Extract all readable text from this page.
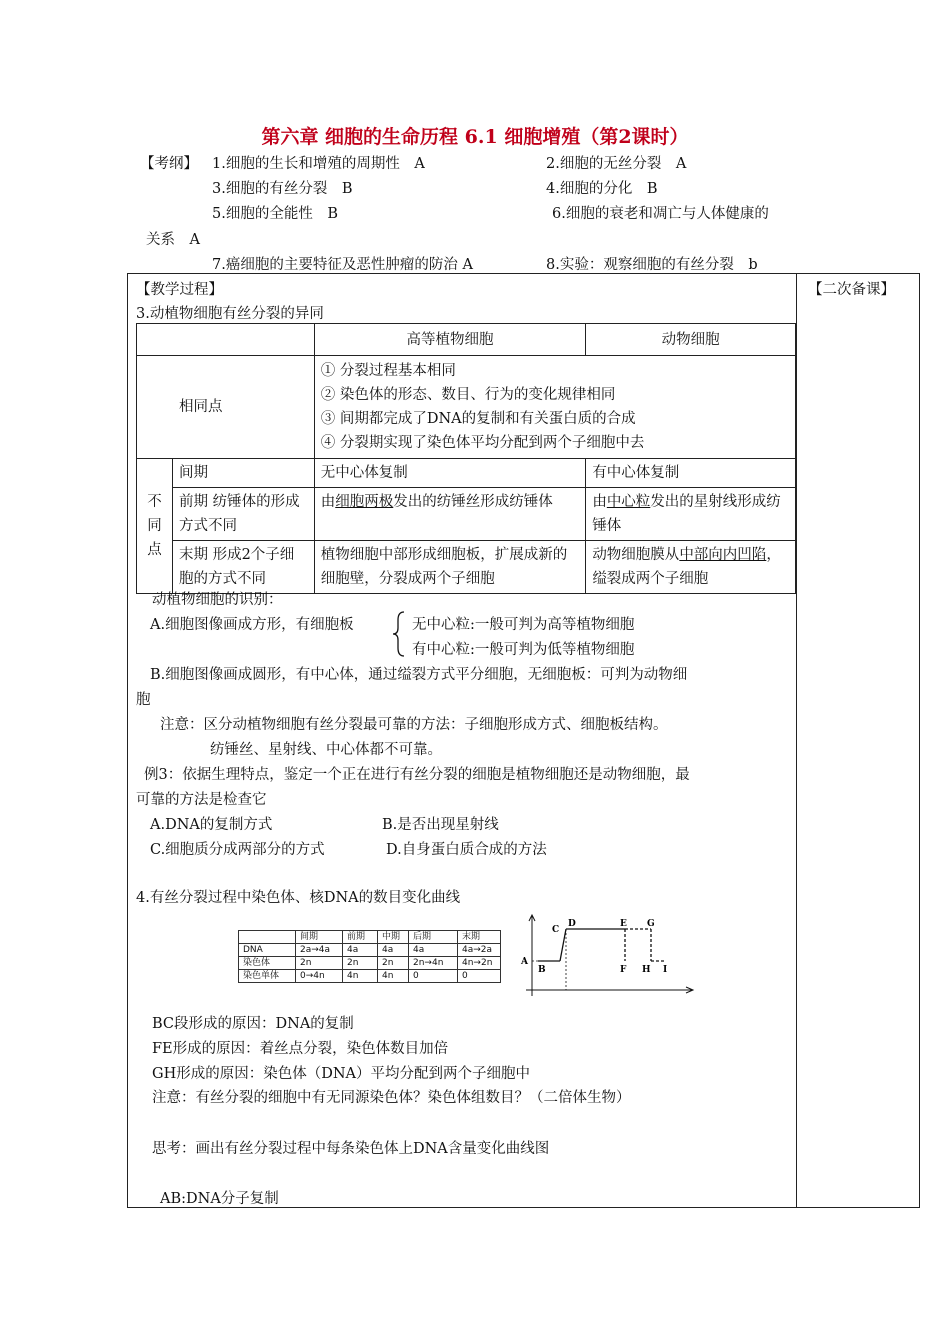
第六章 细胞的生命历程 6.1 细胞增殖（第2课时）
【考纲】 1.细胞的生长和增殖的周期性　A	2.细胞的无丝分裂　A
3.细胞的有丝分裂　B	4.细胞的分化　B
5.细胞的全能性　B	6.细胞的衰老和凋亡与人体健康的
关系　A
7.癌细胞的主要特征及恶性肿瘤的防治 A	8.实验：观察细胞的有丝分裂　b
【教学过程】	【二次备课】
3.动植物细胞有丝分裂的异同
		高等植物细胞	动物细胞
相同点		① 分裂过程基本相同
② 染色体的形态、数目、行为的变化规律相同
③ 间期都完成了DNA的复制和有关蛋白质的合成
④ 分裂期实现了染色体平均分配到两个子细胞中去	

不
同
点	间期	无中心体复制	有中心体复制
	前期 纺锤体的形成方式不同	由细胞两极发出的纺锤丝形成纺锤体	由中心粒发出的星射线形成纺锤体
	末期 形成2个子细胞的方式不同	植物细胞中部形成细胞板，扩展成新的细胞壁，分裂成两个子细胞	动物细胞膜从中部向内凹陷，缢裂成两个子细胞
动植物细胞的识别：
A.细胞图像画成方形，有细胞板	无中心粒:一般可判为高等植物细胞
有中心粒:一般可判为低等植物细胞
B.细胞图像画成圆形，有中心体，通过缢裂方式平分细胞，无细胞板：可判为动物细
胞
注意：区分动植物细胞有丝分裂最可靠的方法：子细胞形成方式、细胞板结构。
纺锤丝、星射线、中心体都不可靠。
例3：依据生理特点，鉴定一个正在进行有丝分裂的细胞是植物细胞还是动物细胞，最
可靠的方法是检查它
A.DNA的复制方式	B.是否出现星射线
C.细胞质分成两部分的方式	D.自身蛋白质合成的方法
4.有丝分裂过程中染色体、核DNA的数目变化曲线
	间期	前期	中期	后期	末期
DNA	2a→4a	4a	4a	4a	4a→2a
染色体	2n	2n	2n	2n→4n	4n→2n
染色单体	0→4n	4n	4n	0	0
A
B
C
D	E
F
G
H I
BC段形成的原因：DNA的复制
FE形成的原因：着丝点分裂，染色体数目加倍
GH形成的原因：染色体（DNA）平均分配到两个子细胞中
注意：有丝分裂的细胞中有无同源染色体？染色体组数目？（二倍体生物）
思考：画出有丝分裂过程中每条染色体上DNA含量变化曲线图
AB:DNA分子复制
